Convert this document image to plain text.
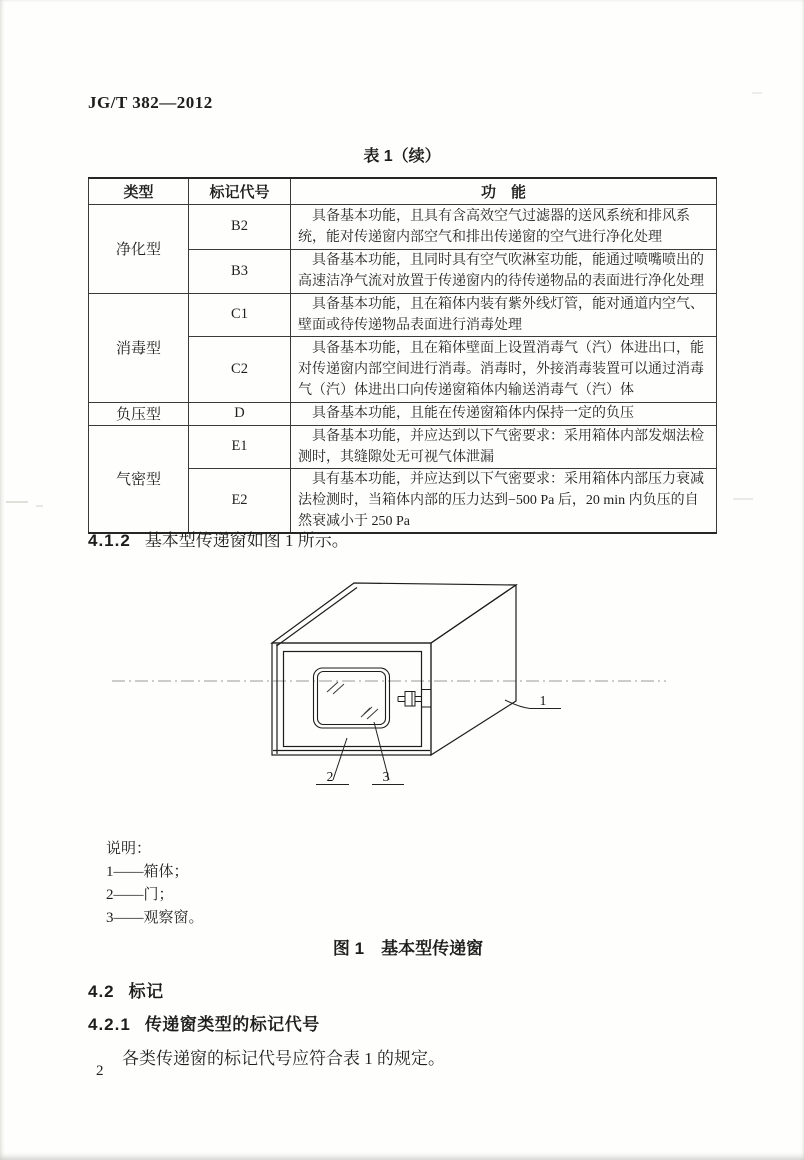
JG/T 382—2012
表 1（续）
类型	标记代号	功　能
净化型	B2	具备基本功能，且具有含高效空气过滤器的送风系统和排风系统，能对传递窗内部空气和排出传递窗的空气进行净化处理
	B3	具备基本功能，且同时具有空气吹淋室功能，能通过喷嘴喷出的高速洁净气流对放置于传递窗内的待传递物品的表面进行净化处理
消毒型	C1	具备基本功能，且在箱体内装有紫外线灯管，能对通道内空气、壁面或待传递物品表面进行消毒处理
	C2	具备基本功能，且在箱体壁面上设置消毒气（汽）体进出口，能对传递窗内部空间进行消毒。消毒时，外接消毒装置可以通过消毒气（汽）体进出口向传递窗箱体内输送消毒气（汽）体
负压型	D	具备基本功能，且能在传递窗箱体内保持一定的负压
气密型	E1	具备基本功能，并应达到以下气密要求：采用箱体内部发烟法检测时，其缝隙处无可视气体泄漏
	E2	具有基本功能，并应达到以下气密要求：采用箱体内部压力衰减法检测时，当箱体内部的压力达到−500 Pa 后，20 min 内负压的自然衰减小于 250 Pa
4.1.2 基本型传递窗如图 1 所示。
1
2	3
说明：
1——箱体；
2——门；
3——观察窗。
图 1　基本型传递窗
4.2 标记
4.2.1 传递窗类型的标记代号
各类传递窗的标记代号应符合表 1 的规定。
2
